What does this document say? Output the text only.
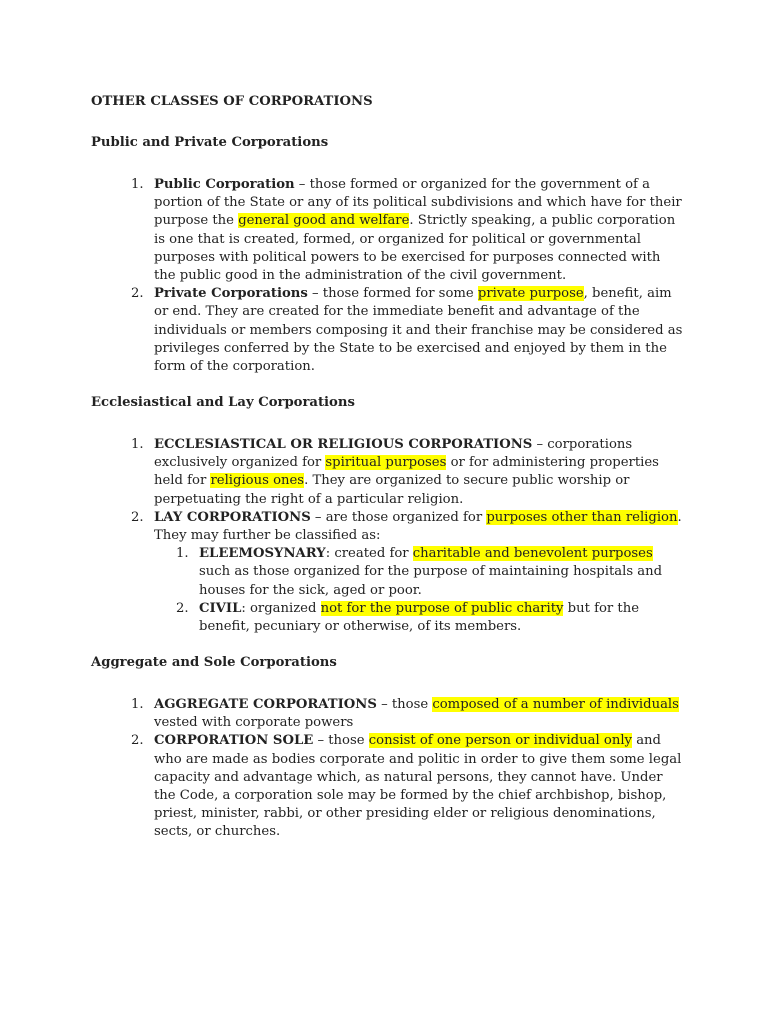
OTHER CLASSES OF CORPORATIONS
Public and Private Corporations
1. Public Corporation – those formed or organized for the government of a portion of the State or any of its political subdivisions and which have for their purpose the general good and welfare. Strictly speaking, a public corporation is one that is created, formed, or organized for political or governmental purposes with political powers to be exercised for purposes connected with the public good in the administration of the civil government.
2. Private Corporations – those formed for some private purpose, benefit, aim or end. They are created for the immediate benefit and advantage of the individuals or members composing it and their franchise may be considered as privileges conferred by the State to be exercised and enjoyed by them in the form of the corporation.
Ecclesiastical and Lay Corporations
1. ECCLESIASTICAL OR RELIGIOUS CORPORATIONS – corporations exclusively organized for spiritual purposes or for administering properties held for religious ones. They are organized to secure public worship or perpetuating the right of a particular religion.
2. LAY CORPORATIONS – are those organized for purposes other than religion. They may further be classified as:
1. ELEEMOSYNARY: created for charitable and benevolent purposes such as those organized for the purpose of maintaining hospitals and houses for the sick, aged or poor.
2. CIVIL: organized not for the purpose of public charity but for the benefit, pecuniary or otherwise, of its members.
Aggregate and Sole Corporations
1. AGGREGATE CORPORATIONS – those composed of a number of individuals vested with corporate powers
2. CORPORATION SOLE – those consist of one person or individual only and who are made as bodies corporate and politic in order to give them some legal capacity and advantage which, as natural persons, they cannot have. Under the Code, a corporation sole may be formed by the chief archbishop, bishop, priest, minister, rabbi, or other presiding elder or religious denominations, sects, or churches.
